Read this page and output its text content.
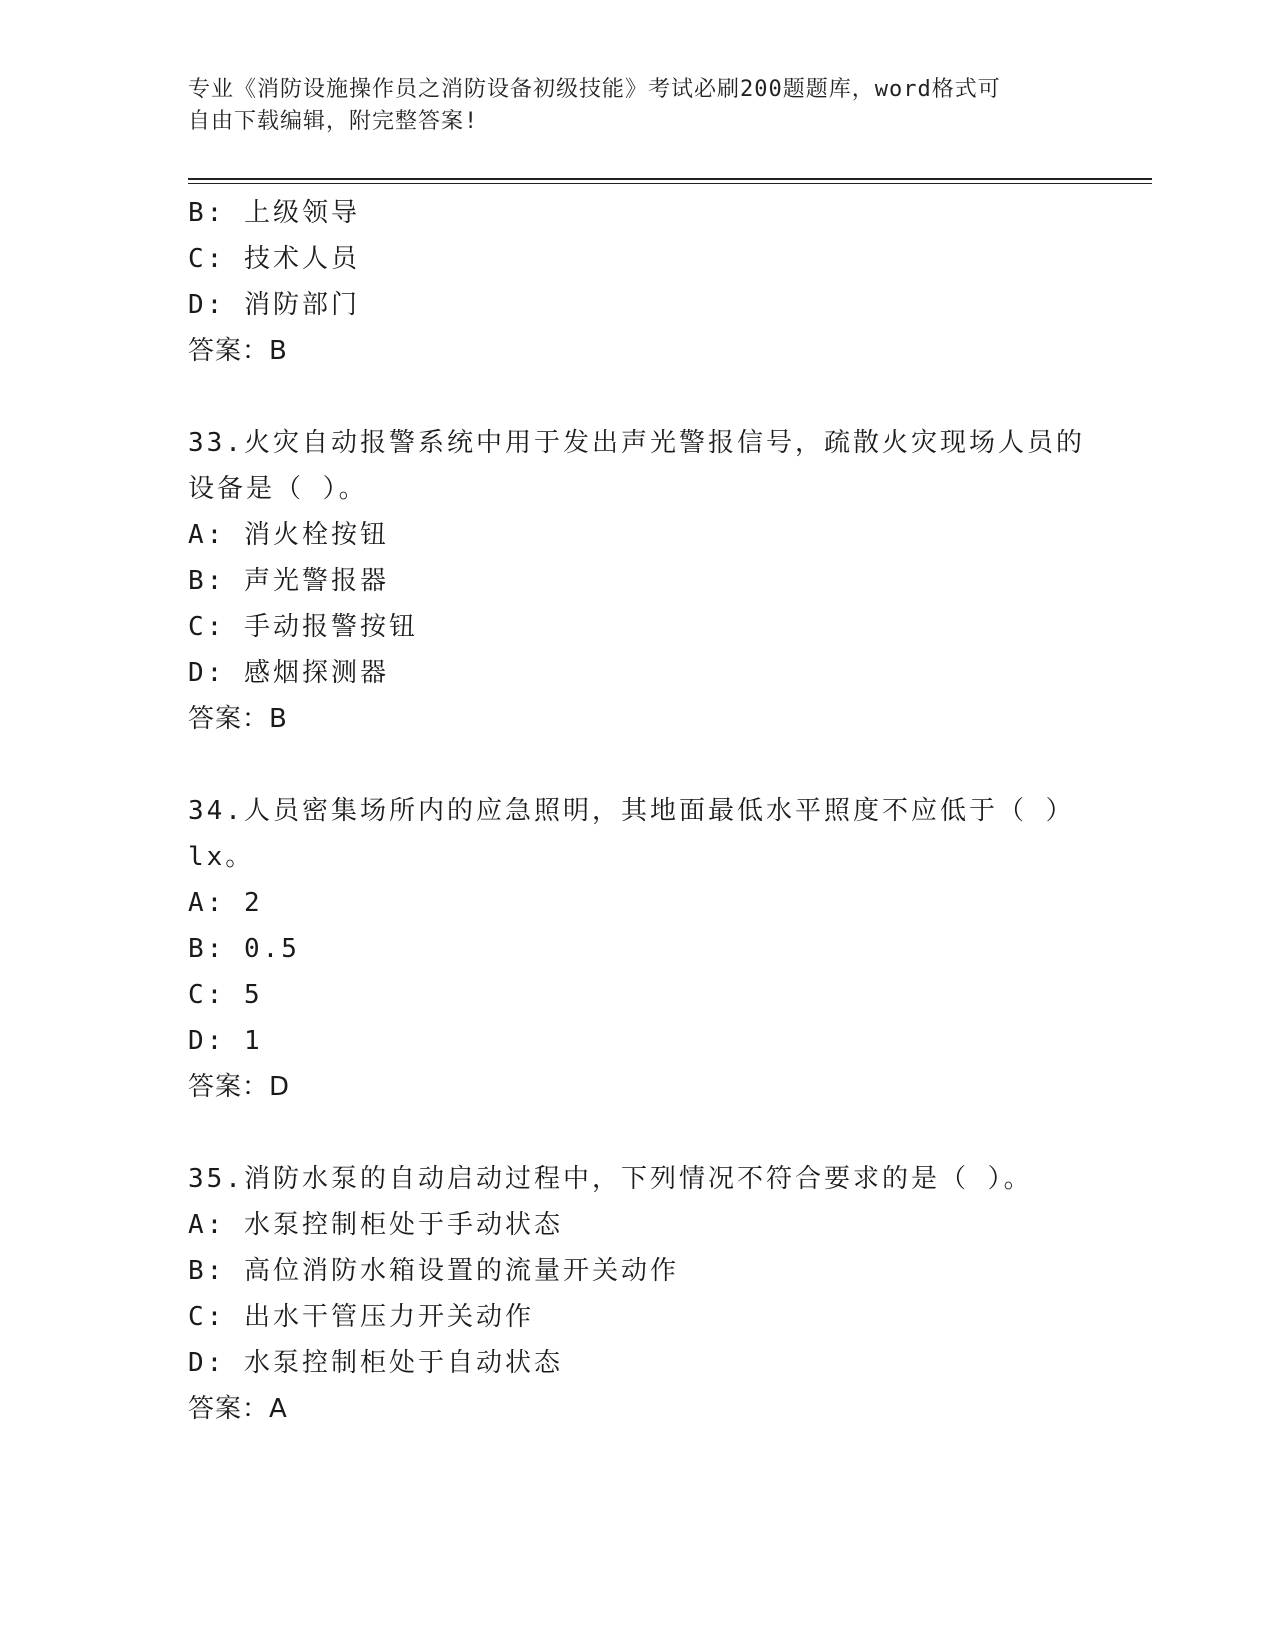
专业《消防设施操作员之消防设备初级技能》考试必刷200题题库，word格式可
自由下载编辑，附完整答案!
B: 上级领导
C: 技术人员
D: 消防部门
答案：B
33.火灾自动报警系统中用于发出声光警报信号，疏散火灾现场人员的
设备是（ ）。
A: 消火栓按钮
B: 声光警报器
C: 手动报警按钮
D: 感烟探测器
答案：B
34.人员密集场所内的应急照明，其地面最低水平照度不应低于（ ）
lx。
A: 2
B: 0.5
C: 5
D: 1
答案：D
35.消防水泵的自动启动过程中，下列情况不符合要求的是（ ）。
A: 水泵控制柜处于手动状态
B: 高位消防水箱设置的流量开关动作
C: 出水干管压力开关动作
D: 水泵控制柜处于自动状态
答案：A
